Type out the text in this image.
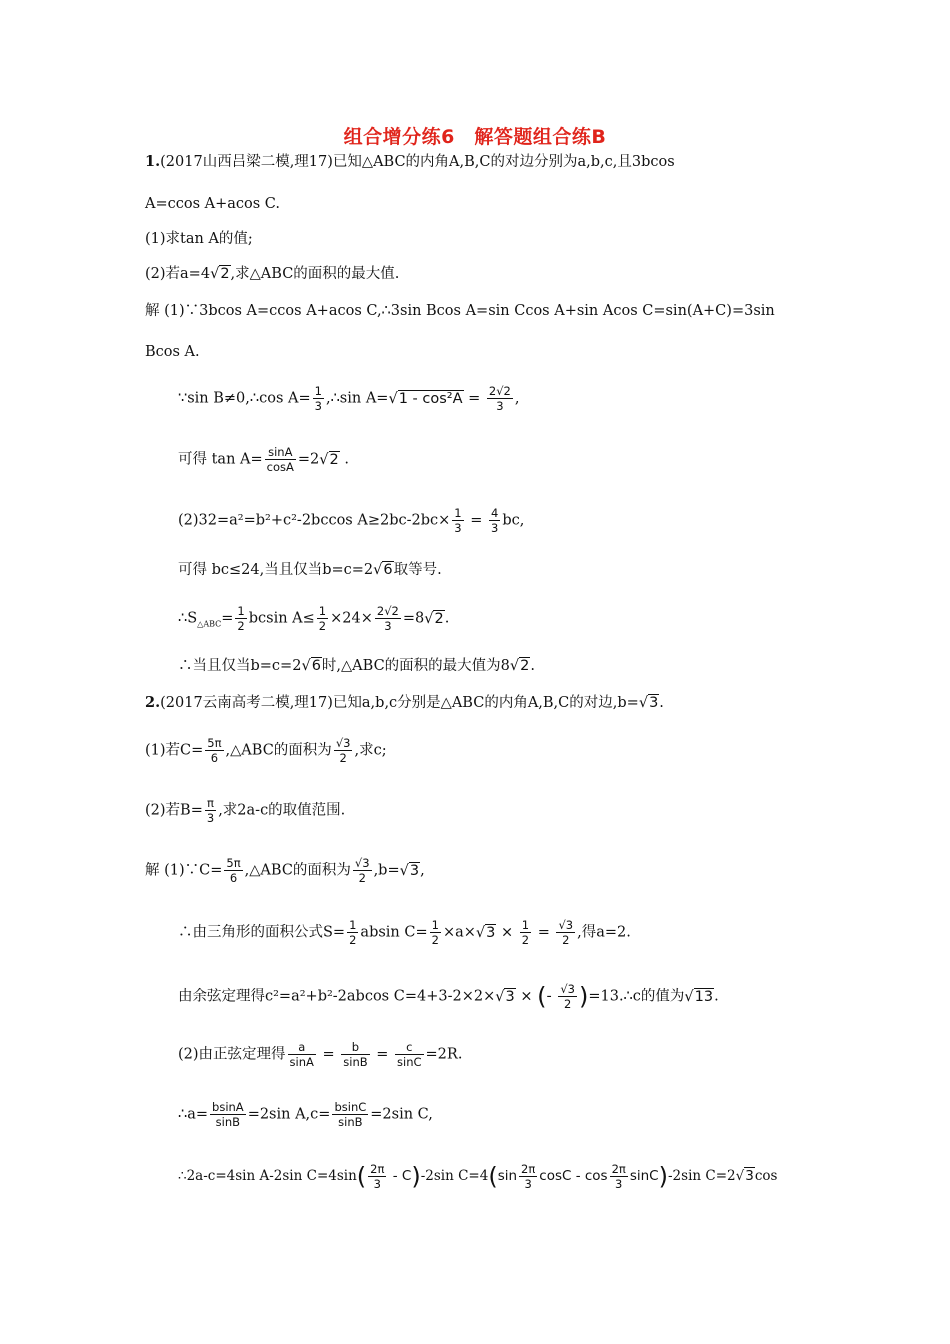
组合增分练6　解答题组合练B
1.(2017山西吕梁二模,理17)已知△ABC的内角A,B,C的对边分别为a,b,c,且3bcos
A=ccos A+acos C.
(1)求tan A的值;
(2)若a=4√2,求△ABC的面积的最大值.
解 (1)∵3bcos A=ccos A+acos C,∴3sin Bcos A=sin Ccos A+sin Acos C=sin(A+C)=3sin
Bcos A.
∵sin B≠0,∴cos $A= \frac{1}{3}$ ,∴sin $A=√1 - \cos^2A = \frac{2√2}{3}$ ,
可得 $\tan A= \frac{\sin A}{\cos A} =2√2$ .
(2)32=a²=b²+c²-2bccos $A\ge 2bc-2bc\times \frac{1}{3} = \frac{4}{3}$ bc,
可得 bc≤24,当且仅当b=c=2√6取等号.
$\therefore S_{\triangle ABC}= \frac{1}{2}$ bcsin $A\le \frac{1}{2} \times 24\times \frac{2√2}{3} =8√2$.
∴当且仅当b=c=2√6时,△ABC的面积的最大值为8√2.
2.(2017云南高考二模,理17)已知a,b,c分别是△ABC的内角A,B,C的对边,b=√3.
(1)若$C= \frac{5\pi}{6}$ ,△ABC的面积为 $\frac{√3}{2}$ ,求c;
(2)若$B= \frac{\pi}{3}$ ,求2a-c的取值范围.
解 (1)∵C= $\frac{5\pi}{6}$ ,△ABC的面积为 $\frac{√3}{2} ,b=√3$,
∴由三角形的面积公式$S= \frac{1}{2}$ absin $C= \frac{1}{2} \times a\times√3 \times \frac{1}{2} = \frac{√3}{2}$ ,得a=2.
由余弦定理得c²=a²+b²-2abcos C=4+3-2×2×√3 × (- $\frac{√3}{2}$ )=13.∴c的值为√13.
(2)由正弦定理得 $\frac{a}{\sin A} = \frac{b}{\sin B} = \frac{c}{\sin C} =2R$.
∴a= $\frac{bsinA}{\sin B} =2\sin$ $A,c= \frac{bsinC}{\sin B} =2\sin$ C,
∴2a-c=4sin A-2sin $C=4\sin( \frac{2\pi}{3} - C)-2\sin$ $C=4(\sin \frac{2\pi}{3}$ cosC - $\cos \frac{2\pi}{3} \sin C)-2\sin$ C=2√3cos
